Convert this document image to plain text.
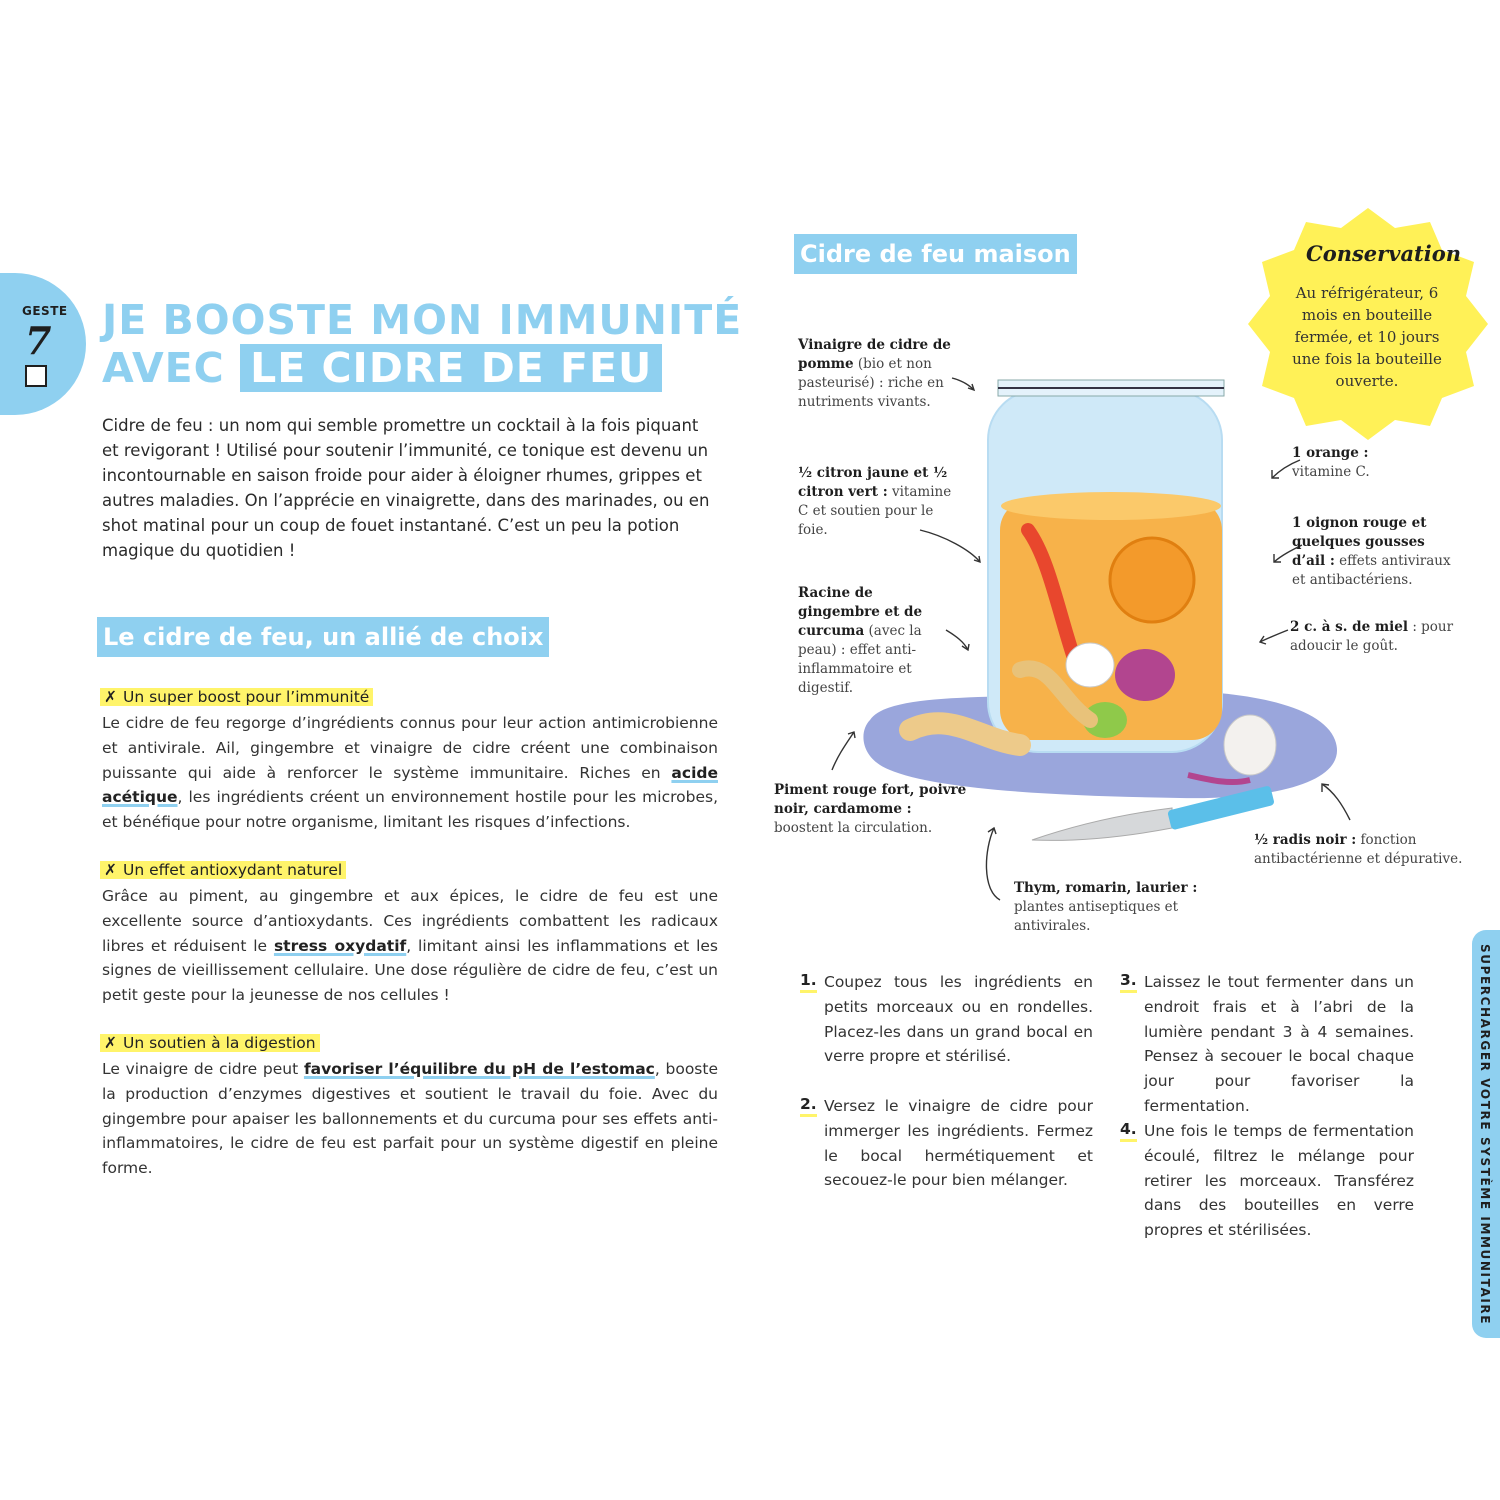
GESTE
7 JE BOOSTE MON IMMUNITÉ
AVEC LE CIDRE DE FEU
Cidre de feu : un nom qui semble promettre un cocktail à la fois piquant et revigorant ! Utilisé pour soutenir l’immunité, ce tonique est devenu un incontournable en saison froide pour aider à éloigner rhumes, grippes et autres maladies. On l’apprécie en vinaigrette, dans des marinades, ou en shot matinal pour un coup de fouet instantané. C’est un peu la potion magique du quotidien !
Le cidre de feu, un allié de choix
✗ Un super boost pour l’immunité
Le cidre de feu regorge d’ingrédients connus pour leur action antimicrobienne et antivirale. Ail, gingembre et vinaigre de cidre créent une combinaison puissante qui aide à renforcer le système immunitaire. Riches en acide acétique, les ingrédients créent un environnement hostile pour les microbes, et bénéfique pour notre organisme, limitant les risques d’infections.
✗ Un effet antioxydant naturel
Grâce au piment, au gingembre et aux épices, le cidre de feu est une excellente source d’antioxydants. Ces ingrédients combattent les radicaux libres et réduisent le stress oxydatif, limitant ainsi les inflammations et les signes de vieillissement cellulaire. Une dose régulière de cidre de feu, c’est un petit geste pour la jeunesse de nos cellules !
✗ Un soutien à la digestion
Le vinaigre de cidre peut favoriser l’équilibre du pH de l’estomac, booste la production d’enzymes digestives et soutient le travail du foie. Avec du gingembre pour apaiser les ballonnements et du curcuma pour ses effets anti-inflammatoires, le cidre de feu est parfait pour un système digestif en pleine forme.
Cidre de feu maison	Conservation
Au réfrigérateur, 6 mois en bouteille fermée, et 10 jours une fois la bouteille ouverte.
Vinaigre de cidre de pomme (bio et non pasteurisé) : riche en nutriments vivants.
½ citron jaune et ½ citron vert : vitamine C et soutien pour le foie.
Racine de gingembre et de curcuma (avec la peau) : effet anti-inflammatoire et digestif.
Piment rouge fort, poivre noir, cardamome : boostent la circulation.
Thym, romarin, laurier : plantes antiseptiques et antivirales.
1 orange : vitamine C.
1 oignon rouge et quelques gousses d’ail : effets antiviraux et antibactériens.
2 c. à s. de miel : pour adoucir le goût.
½ radis noir : fonction antibactérienne et dépurative.
1. Coupez tous les ingrédients en petits morceaux ou en rondelles. Placez-les dans un grand bocal en verre propre et stérilisé.
2. Versez le vinaigre de cidre pour immerger les ingrédients. Fermez le bocal hermétiquement et secouez-le pour bien mélanger.
3. Laissez le tout fermenter dans un endroit frais et à l’abri de la lumière pendant 3 à 4 semaines. Pensez à secouer le bocal chaque jour pour favoriser la fermentation.
4. Une fois le temps de fermentation écoulé, filtrez le mélange pour retirer les morceaux. Transférez dans des bouteilles en verre propres et stérilisées.	SUPERCHARGER VOTRE SYSTÈME IMMUNITAIRE
